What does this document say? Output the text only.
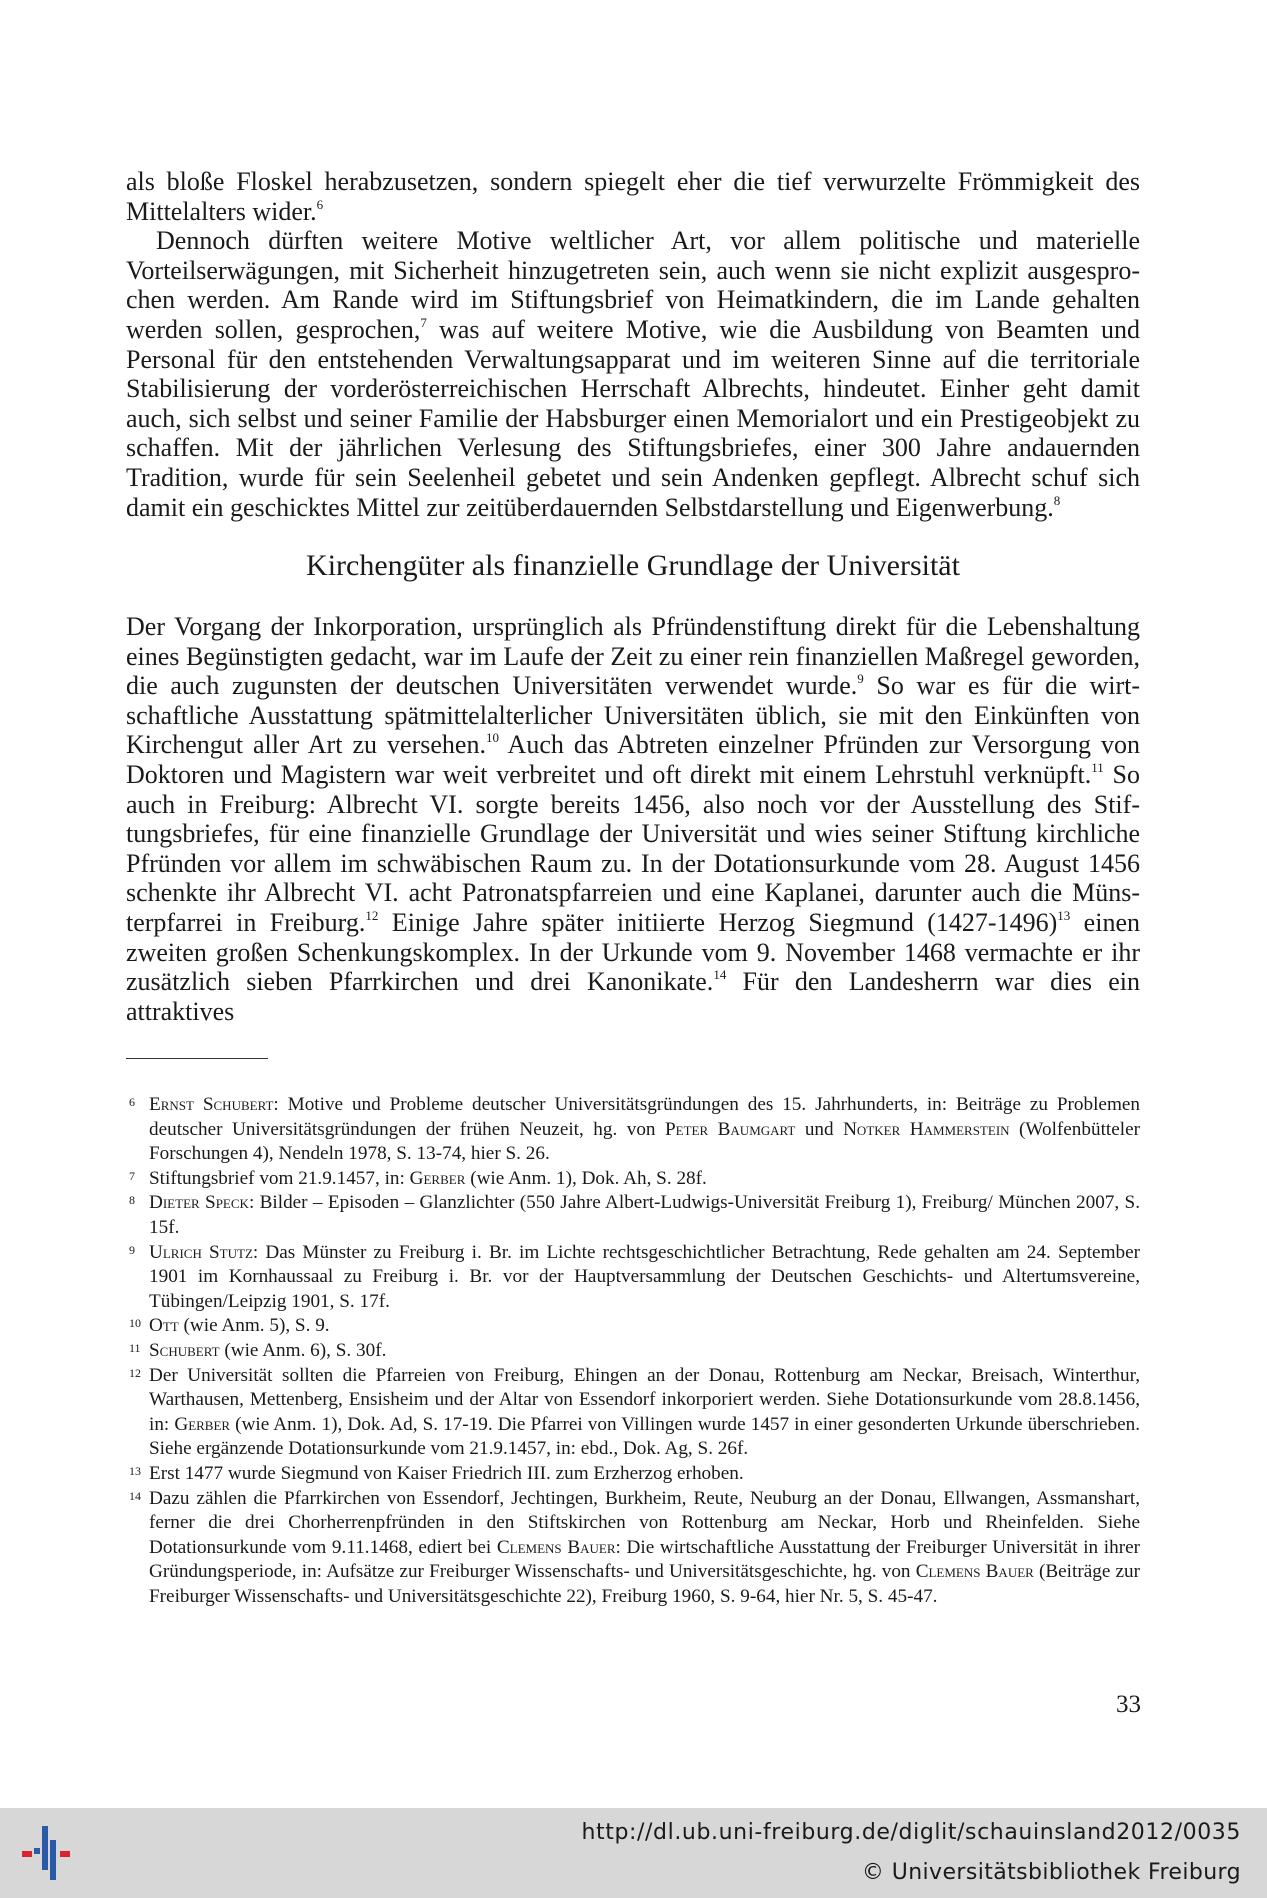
als bloße Floskel herabzusetzen, sondern spiegelt eher die tief verwurzelte Frömmigkeit des Mittelalters wider.$^6$

Dennoch dürften weitere Motive weltlicher Art, vor allem politische und materielle Vorteilserwägungen, mit Sicherheit hinzugetreten sein, auch wenn sie nicht explizit ausgesprochen werden. Am Rande wird im Stiftungsbrief von Heimatkindern, die im Lande gehalten werden sollen, gesprochen,$^7$ was auf weitere Motive, wie die Ausbildung von Beamten und Personal für den entstehenden Verwaltungsapparat und im weiteren Sinne auf die territoriale Stabilisierung der vorderösterreichischen Herrschaft Albrechts, hindeutet. Einher geht damit auch, sich selbst und seiner Familie der Habsburger einen Memorialort und ein Prestigeobjekt zu schaffen. Mit der jährlichen Verlesung des Stiftungsbriefes, einer 300 Jahre andauernden Tradition, wurde für sein Seelenheil gebetet und sein Andenken gepflegt. Albrecht schuf sich damit ein geschicktes Mittel zur zeitüberdauernden Selbstdarstellung und Eigenwerbung.$^8$

Kirchengüter als finanzielle Grundlage der Universität

Der Vorgang der Inkorporation, ursprünglich als Pfründenstiftung direkt für die Lebenshaltung eines Begünstigten gedacht, war im Laufe der Zeit zu einer rein finanziellen Maßregel geworden, die auch zugunsten der deutschen Universitäten verwendet wurde.$^9$ So war es für die wirtschaftliche Ausstattung spätmittelalterlicher Universitäten üblich, sie mit den Einkünften von Kirchengut aller Art zu versehen.$^{10}$ Auch das Abtreten einzelner Pfründen zur Versorgung von Doktoren und Magistern war weit verbreitet und oft direkt mit einem Lehrstuhl verknüpft.$^{11}$ So auch in Freiburg: Albrecht VI. sorgte bereits 1456, also noch vor der Ausstellung des Stiftungsbriefes, für eine finanzielle Grundlage der Universität und wies seiner Stiftung kirchliche Pfründen vor allem im schwäbischen Raum zu. In der Dotationsurkunde vom 28. August 1456 schenkte ihr Albrecht VI. acht Patronatspfarreien und eine Kaplanei, darunter auch die Münsterpfarrei in Freiburg.$^{12}$ Einige Jahre später initiierte Herzog Siegmund (1427-1496)$^{13}$ einen zweiten großen Schenkungskomplex. In der Urkunde vom 9. November 1468 vermachte er ihr zusätzlich sieben Pfarrkirchen und drei Kanonikate.$^{14}$ Für den Landesherrn war dies ein attraktives

6 Ernst Schubert: Motive und Probleme deutscher Universitätsgründungen des 15. Jahrhunderts, in: Beiträge zu Problemen deutscher Universitätsgründungen der frühen Neuzeit, hg. von Peter Baumgart und Notker Hammerstein (Wolfenbütteler Forschungen 4), Nendeln 1978, S. 13-74, hier S. 26.
7 Stiftungsbrief vom 21.9.1457, in: Gerber (wie Anm. 1), Dok. Ah, S. 28f.
8 Dieter Speck: Bilder – Episoden – Glanzlichter (550 Jahre Albert-Ludwigs-Universität Freiburg 1), Freiburg/ München 2007, S. 15f.
9 Ulrich Stutz: Das Münster zu Freiburg i. Br. im Lichte rechtsgeschichtlicher Betrachtung, Rede gehalten am 24. September 1901 im Kornhaussaal zu Freiburg i. Br. vor der Hauptversammlung der Deutschen Geschichts- und Altertumsvereine, Tübingen/Leipzig 1901, S. 17f.
10 Ott (wie Anm. 5), S. 9.
11 Schubert (wie Anm. 6), S. 30f.
12 Der Universität sollten die Pfarreien von Freiburg, Ehingen an der Donau, Rottenburg am Neckar, Breisach, Winterthur, Warthausen, Mettenberg, Ensisheim und der Altar von Essendorf inkorporiert werden. Siehe Dotationsurkunde vom 28.8.1456, in: Gerber (wie Anm. 1), Dok. Ad, S. 17-19. Die Pfarrei von Villingen wurde 1457 in einer gesonderten Urkunde überschrieben. Siehe ergänzende Dotationsurkunde vom 21.9.1457, in: ebd., Dok. Ag, S. 26f.
13 Erst 1477 wurde Siegmund von Kaiser Friedrich III. zum Erzherzog erhoben.
14 Dazu zählen die Pfarrkirchen von Essendorf, Jechtingen, Burkheim, Reute, Neuburg an der Donau, Ellwangen, Assmanshart, ferner die drei Chorherrenpfründen in den Stiftskirchen von Rottenburg am Neckar, Horb und Rheinfelden. Siehe Dotationsurkunde vom 9.11.1468, ediert bei Clemens Bauer: Die wirtschaftliche Ausstattung der Freiburger Universität in ihrer Gründungsperiode, in: Aufsätze zur Freiburger Wissenschafts- und Universitätsgeschichte, hg. von Clemens Bauer (Beiträge zur Freiburger Wissenschafts- und Universitätsgeschichte 22), Freiburg 1960, S. 9-64, hier Nr. 5, S. 45-47.
33
http://dl.ub.uni-freiburg.de/diglit/schauinsland2012/0035
© Universitätsbibliothek Freiburg
